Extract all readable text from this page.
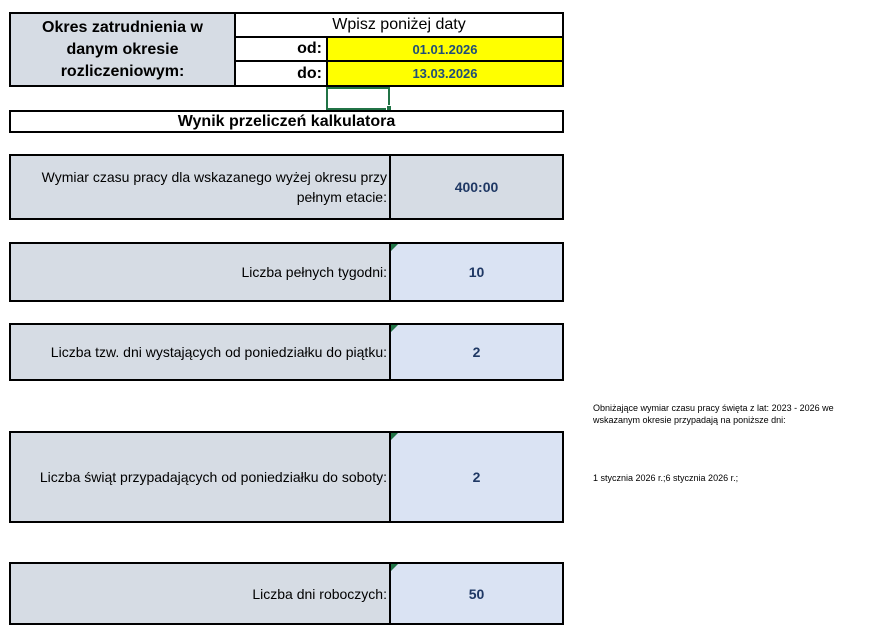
Okres zatrudnienia w danym okresie rozliczeniowym:
Wpisz poniżej daty
od:	01.01.2026
do:	13.03.2026
Wynik przeliczeń kalkulatora
Wymiar czasu pracy dla wskazanego wyżej okresu przy pełnym etacie:
400:00
Liczba pełnych tygodni:	10
Liczba tzw. dni wystających od poniedziałku do piątku:	2
Liczba świąt przypadających od poniedziałku do soboty:	2
Liczba dni roboczych:	50
Obniżające wymiar czasu pracy święta z lat: 2023 - 2026 we wskazanym okresie przypadają na poniższe dni:
1 stycznia 2026 r.;6 stycznia 2026 r.;
